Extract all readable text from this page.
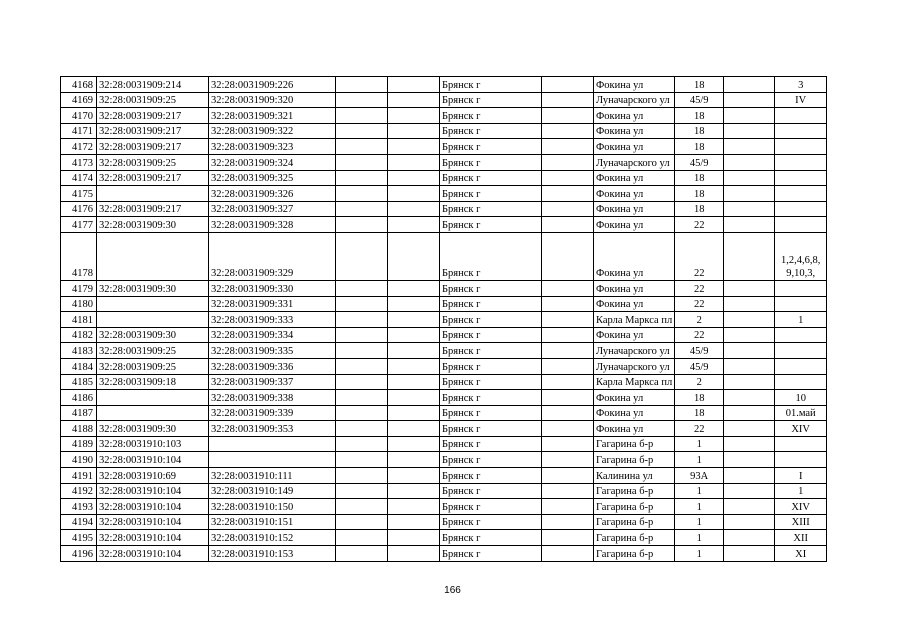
4168	32:28:0031909:214	32:28:0031909:226			Брянск г		Фокина ул	18		3
4169	32:28:0031909:25	32:28:0031909:320			Брянск г		Луначарского ул	45/9		IV
4170	32:28:0031909:217	32:28:0031909:321			Брянск г		Фокина ул	18		
4171	32:28:0031909:217	32:28:0031909:322			Брянск г		Фокина ул	18		
4172	32:28:0031909:217	32:28:0031909:323			Брянск г		Фокина ул	18		
4173	32:28:0031909:25	32:28:0031909:324			Брянск г		Луначарского ул	45/9		
4174	32:28:0031909:217	32:28:0031909:325			Брянск г		Фокина ул	18		
4175		32:28:0031909:326			Брянск г		Фокина ул	18		
4176	32:28:0031909:217	32:28:0031909:327			Брянск г		Фокина ул	18		
4177	32:28:0031909:30	32:28:0031909:328			Брянск г		Фокина ул	22		
4178		32:28:0031909:329			Брянск г		Фокина ул	22		1,2,4,6,8, 9,10,3,
4179	32:28:0031909:30	32:28:0031909:330			Брянск г		Фокина ул	22		
4180		32:28:0031909:331			Брянск г		Фокина ул	22		
4181		32:28:0031909:333			Брянск г		Карла Маркса пл	2		1
4182	32:28:0031909:30	32:28:0031909:334			Брянск г		Фокина ул	22		
4183	32:28:0031909:25	32:28:0031909:335			Брянск г		Луначарского ул	45/9		
4184	32:28:0031909:25	32:28:0031909:336			Брянск г		Луначарского ул	45/9		
4185	32:28:0031909:18	32:28:0031909:337			Брянск г		Карла Маркса пл	2		
4186		32:28:0031909:338			Брянск г		Фокина ул	18		10
4187		32:28:0031909:339			Брянск г		Фокина ул	18		01.май
4188	32:28:0031909:30	32:28:0031909:353			Брянск г		Фокина ул	22		XIV
4189	32:28:0031910:103				Брянск г		Гагарина б-р	1		
4190	32:28:0031910:104				Брянск г		Гагарина б-р	1		
4191	32:28:0031910:69	32:28:0031910:111			Брянск г		Калинина ул	93А		I
4192	32:28:0031910:104	32:28:0031910:149			Брянск г		Гагарина б-р	1		1
4193	32:28:0031910:104	32:28:0031910:150			Брянск г		Гагарина б-р	1		XIV
4194	32:28:0031910:104	32:28:0031910:151			Брянск г		Гагарина б-р	1		XIII
4195	32:28:0031910:104	32:28:0031910:152			Брянск г		Гагарина б-р	1		XII
4196	32:28:0031910:104	32:28:0031910:153			Брянск г		Гагарина б-р	1		XI
166
